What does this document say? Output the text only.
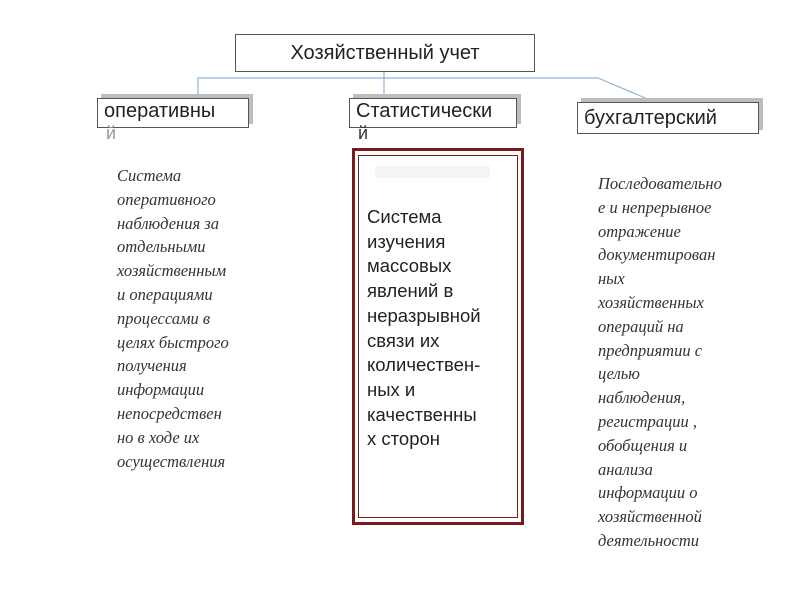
Хозяйственный учет
оперативны
й
Статистически
й
бухгалтерский
Система
оперативного
наблюдения за
отдельными
хозяйственным
и операциями
процессами в
целях быстрого
получения
информации
непосредствен
но в ходе их
осуществления
Система
изучения
массовых
явлений в
неразрывной
связи их
количествен-
ных и
качественны
х сторон
Последовательно
е и непрерывное
отражение
документирован
ных
хозяйственных
операций на
предприятии с
целью
наблюдения,
регистрации ,
обобщения и
анализа
информации о
хозяйственной
деятельности
